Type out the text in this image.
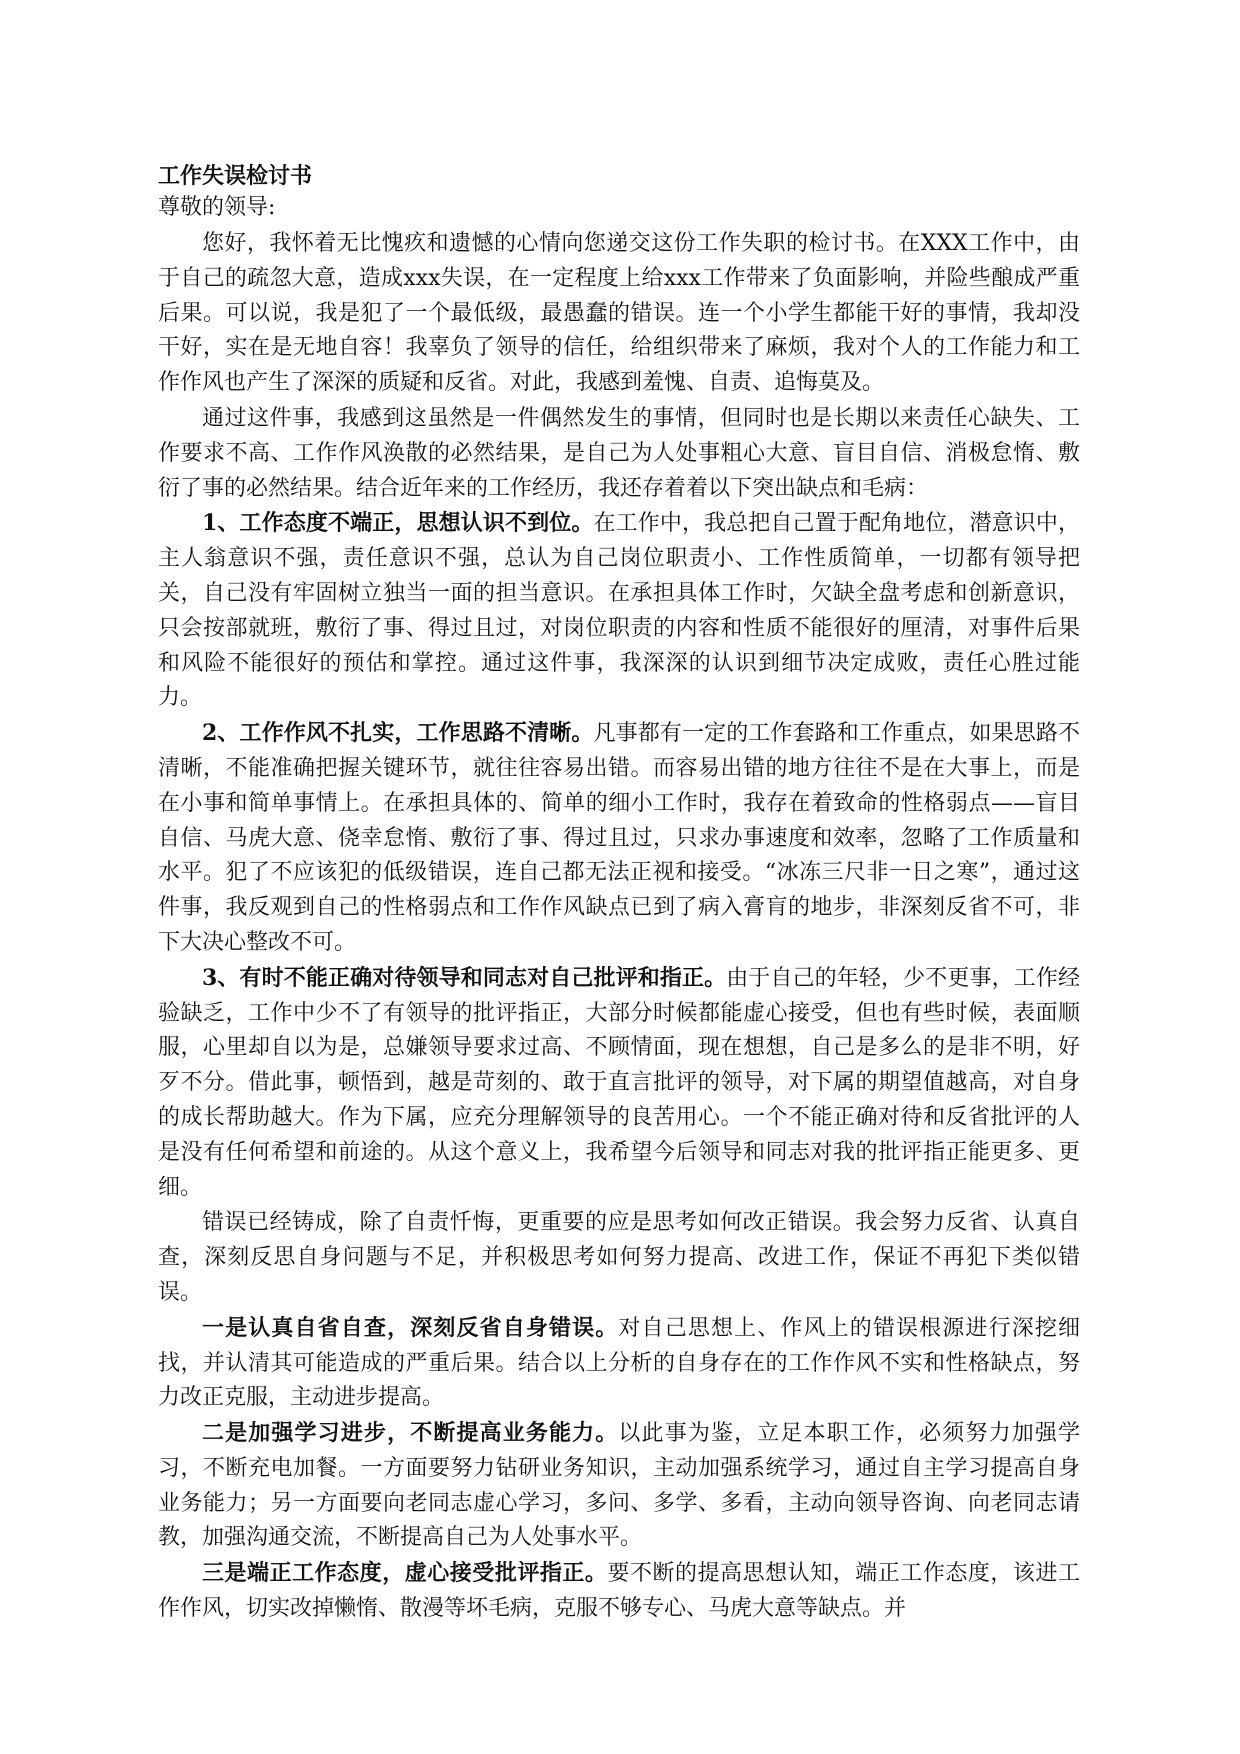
工作失误检讨书

尊敬的领导:

您好，我怀着无比愧疚和遗憾的心情向您递交这份工作失职的检讨书。在XXX工作中，由于自己的疏忽大意，造成xxx失误，在一定程度上给xxx工作带来了负面影响，并险些酿成严重后果。可以说，我是犯了一个最低级，最愚蠢的错误。连一个小学生都能干好的事情，我却没干好，实在是无地自容！我辜负了领导的信任，给组织带来了麻烦，我对个人的工作能力和工作作风也产生了深深的质疑和反省。对此，我感到羞愧、自责、追悔莫及。

通过这件事，我感到这虽然是一件偶然发生的事情，但同时也是长期以来责任心缺失、工作要求不高、工作作风涣散的必然结果，是自己为人处事粗心大意、盲目自信、消极怠惰、敷衍了事的必然结果。结合近年来的工作经历，我还存着着以下突出缺点和毛病：

1、工作态度不端正，思想认识不到位。在工作中，我总把自己置于配角地位，潜意识中，主人翁意识不强，责任意识不强，总认为自己岗位职责小、工作性质简单，一切都有领导把关，自己没有牢固树立独当一面的担当意识。在承担具体工作时，欠缺全盘考虑和创新意识，只会按部就班，敷衍了事、得过且过，对岗位职责的内容和性质不能很好的厘清，对事件后果和风险不能很好的预估和掌控。通过这件事，我深深的认识到细节决定成败，责任心胜过能力。

2、工作作风不扎实，工作思路不清晰。凡事都有一定的工作套路和工作重点，如果思路不清晰，不能准确把握关键环节，就往往容易出错。而容易出错的地方往往不是在大事上，而是在小事和简单事情上。在承担具体的、简单的细小工作时，我存在着致命的性格弱点——盲目自信、马虎大意、侥幸怠惰、敷衍了事、得过且过，只求办事速度和效率，忽略了工作质量和水平。犯了不应该犯的低级错误，连自己都无法正视和接受。“冰冻三尺非一日之寒”，通过这件事，我反观到自己的性格弱点和工作作风缺点已到了病入膏肓的地步，非深刻反省不可，非下大决心整改不可。

3、有时不能正确对待领导和同志对自己批评和指正。由于自己的年轻，少不更事，工作经验缺乏，工作中少不了有领导的批评指正，大部分时候都能虚心接受，但也有些时候，表面顺服，心里却自以为是，总嫌领导要求过高、不顾情面，现在想想，自己是多么的是非不明，好歹不分。借此事，顿悟到，越是苛刻的、敢于直言批评的领导，对下属的期望值越高，对自身的成长帮助越大。作为下属，应充分理解领导的良苦用心。一个不能正确对待和反省批评的人是没有任何希望和前途的。从这个意义上，我希望今后领导和同志对我的批评指正能更多、更细。

错误已经铸成，除了自责忏悔，更重要的应是思考如何改正错误。我会努力反省、认真自查，深刻反思自身问题与不足，并积极思考如何努力提高、改进工作，保证不再犯下类似错误。

一是认真自省自查，深刻反省自身错误。对自己思想上、作风上的错误根源进行深挖细找，并认清其可能造成的严重后果。结合以上分析的自身存在的工作作风不实和性格缺点，努力改正克服，主动进步提高。

二是加强学习进步，不断提高业务能力。以此事为鉴，立足本职工作，必须努力加强学习，不断充电加餐。一方面要努力钻研业务知识，主动加强系统学习，通过自主学习提高自身业务能力；另一方面要向老同志虚心学习，多问、多学、多看，主动向领导咨询、向老同志请教，加强沟通交流，不断提高自己为人处事水平。

三是端正工作态度，虚心接受批评指正。要不断的提高思想认知，端正工作态度，该进工作作风，切实改掉懒惰、散漫等坏毛病，克服不够专心、马虎大意等缺点。并
